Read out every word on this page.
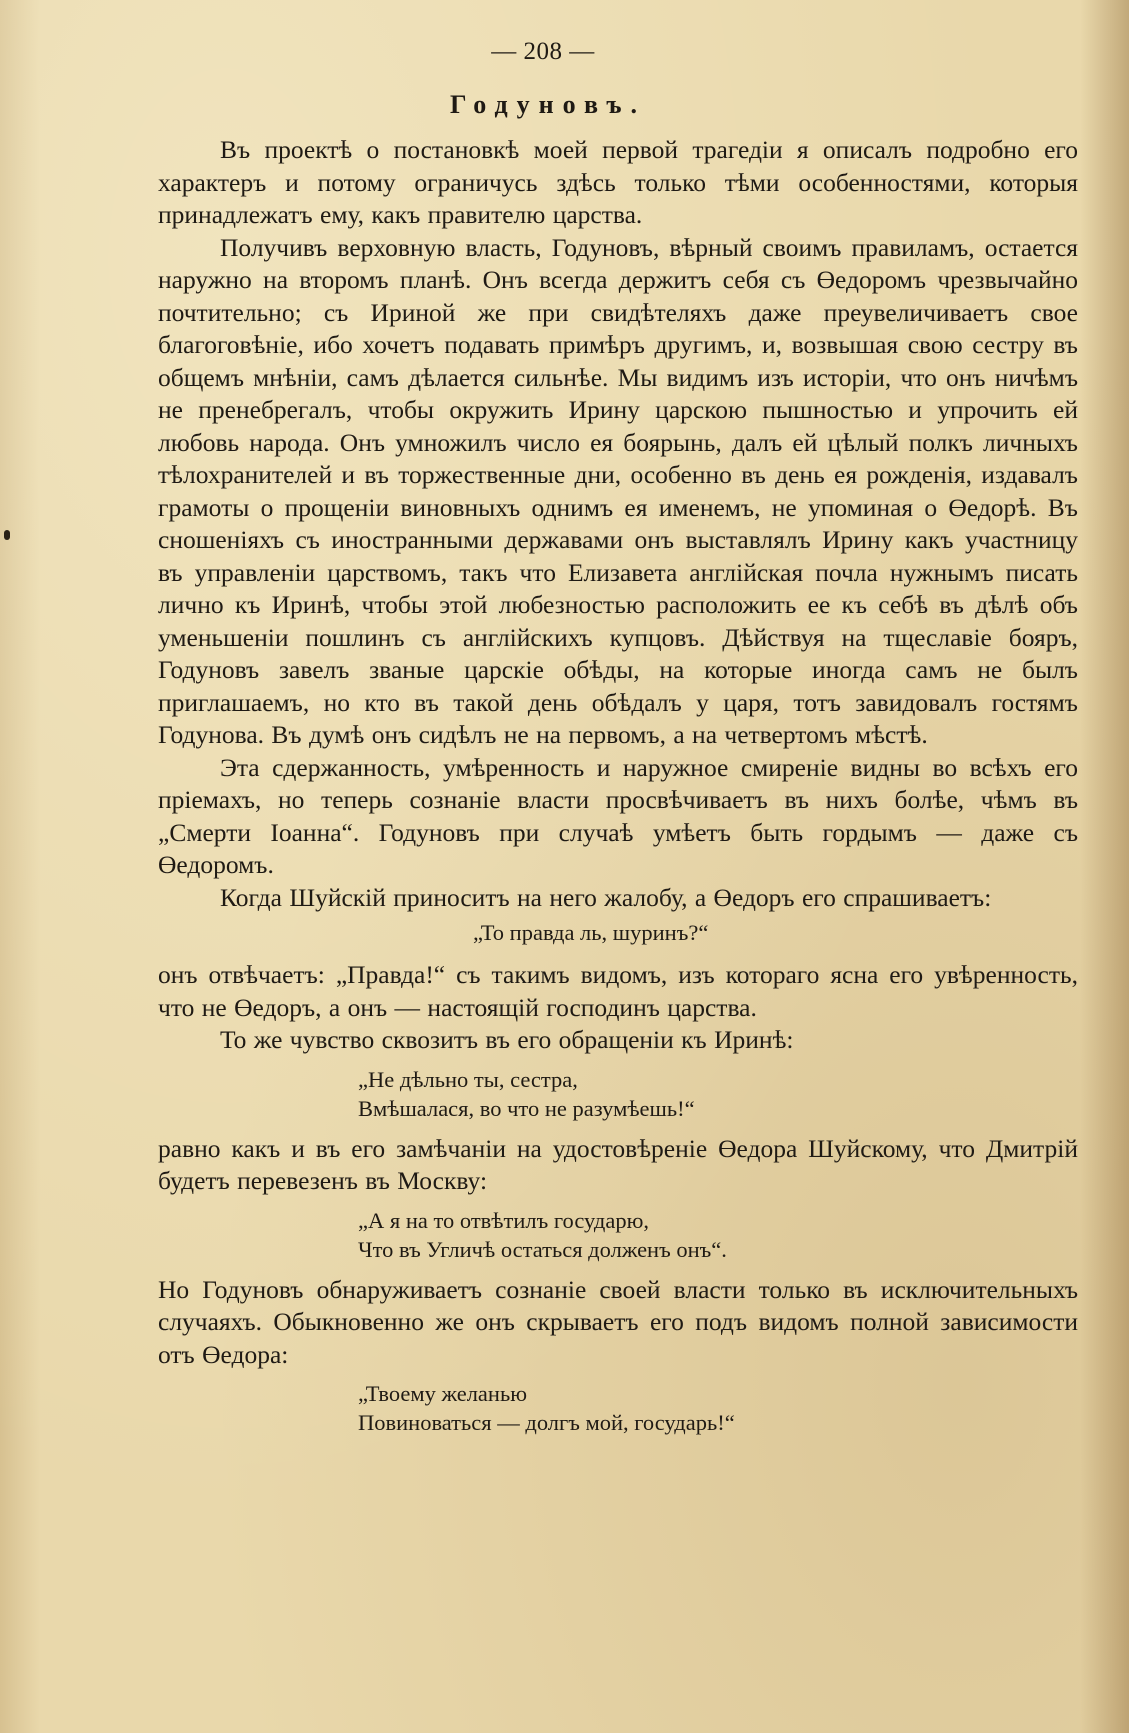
— 208 —
Годуновъ.

Въ проектѣ о постановкѣ моей первой трагедіи я описалъ подробно его характеръ и потому ограничусь здѣсь только тѣми особенностями, которыя принадлежатъ ему, какъ правителю царства.

Получивъ верховную власть, Годуновъ, вѣрный своимъ правиламъ, остается наружно на второмъ планѣ. Онъ всегда держитъ себя съ Өедоромъ чрезвычайно почтительно; съ Ириной же при свидѣтеляхъ даже преувеличиваетъ свое благоговѣніе, ибо хочетъ подавать примѣръ другимъ, и, возвышая свою сестру въ общемъ мнѣніи, самъ дѣлается сильнѣе. Мы видимъ изъ исторіи, что онъ ничѣмъ не пренебрегалъ, чтобы окружить Ирину царскою пышностью и упрочить ей любовь народа. Онъ умножилъ число ея боярынь, далъ ей цѣлый полкъ личныхъ тѣлохранителей и въ торжественные дни, особенно въ день ея рожденія, издавалъ грамоты о прощеніи виновныхъ однимъ ея именемъ, не упоминая о Өедорѣ. Въ сношеніяхъ съ иностранными державами онъ выставлялъ Ирину какъ участницу въ управленіи царствомъ, такъ что Елизавета англійская почла нужнымъ писать лично къ Иринѣ, чтобы этой любезностью расположить ее къ себѣ въ дѣлѣ объ уменьшеніи пошлинъ съ англійскихъ купцовъ. Дѣйствуя на тщеславіе бояръ, Годуновъ завелъ званые царскіе обѣды, на которые иногда самъ не былъ приглашаемъ, но кто въ такой день обѣдалъ у царя, тотъ завидовалъ гостямъ Годунова. Въ думѣ онъ сидѣлъ не на первомъ, а на четвертомъ мѣстѣ.

Эта сдержанность, умѣренность и наружное смиреніе видны во всѣхъ его пріемахъ, но теперь сознаніе власти просвѣчиваетъ въ нихъ болѣе, чѣмъ въ „Смерти Іоанна“. Годуновъ при случаѣ умѣетъ быть гордымъ — даже съ Өедоромъ.

Когда Шуйскій приноситъ на него жалобу, а Өедоръ его спрашиваетъ:

„То правда ль, шуринъ?“

онъ отвѣчаетъ: „Правда!“ съ такимъ видомъ, изъ котораго ясна его увѣренность, что не Өедоръ, а онъ — настоящій господинъ царства.

То же чувство сквозитъ въ его обращеніи къ Иринѣ:

„Не дѣльно ты, сестра,
Вмѣшалася, во что не разумѣешь!“

равно какъ и въ его замѣчаніи на удостовѣреніе Өедора Шуйскому, что Дмитрій будетъ перевезенъ въ Москву:

„А я на то отвѣтилъ государю,
Что въ Угличѣ остаться долженъ онъ“.

Но Годуновъ обнаруживаетъ сознаніе своей власти только въ исключительныхъ случаяхъ. Обыкновенно же онъ скрываетъ его подъ видомъ полной зависимости отъ Өедора:

„Твоему желанью
Повиноваться — долгъ мой, государь!“
